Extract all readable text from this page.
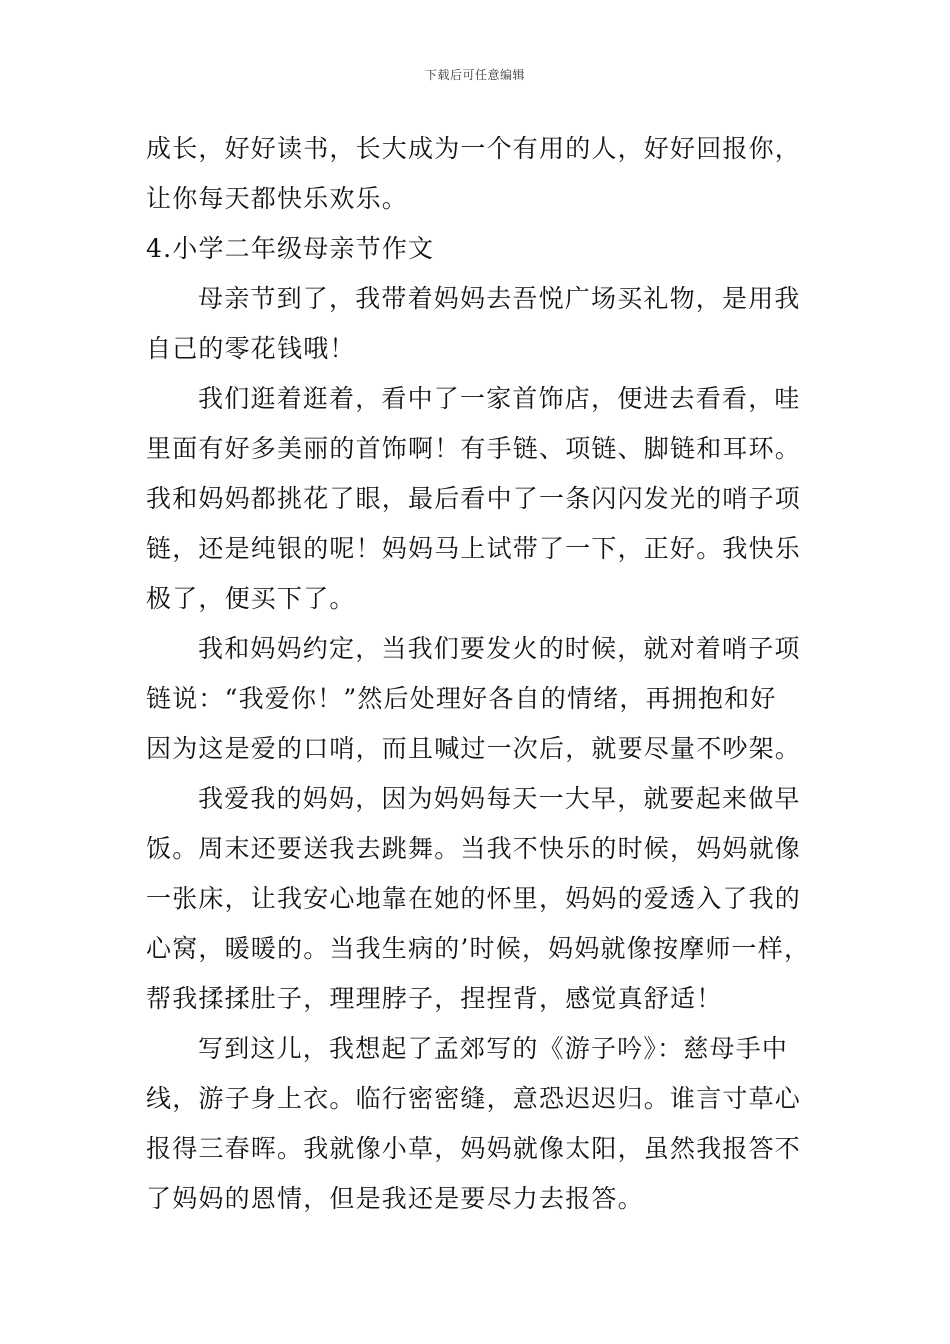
下载后可任意编辑
成长，好好读书，长大成为一个有用的人，好好回报你，
让你每天都快乐欢乐。
4.小学二年级母亲节作文
母亲节到了，我带着妈妈去吾悦广场买礼物，是用我
自己的零花钱哦！
我们逛着逛着，看中了一家首饰店，便进去看看，哇
里面有好多美丽的首饰啊！有手链、项链、脚链和耳环。
我和妈妈都挑花了眼，最后看中了一条闪闪发光的哨子项
链，还是纯银的呢！妈妈马上试带了一下，正好。我快乐
极了，便买下了。
我和妈妈约定，当我们要发火的时候，就对着哨子项
链说：“我爱你！”然后处理好各自的情绪，再拥抱和好
因为这是爱的口哨，而且喊过一次后，就要尽量不吵架。
我爱我的妈妈，因为妈妈每天一大早，就要起来做早
饭。周末还要送我去跳舞。当我不快乐的时候，妈妈就像
一张床，让我安心地靠在她的怀里，妈妈的爱透入了我的
心窝，暖暖的。当我生病的’时候，妈妈就像按摩师一样，
帮我揉揉肚子，理理脖子，捏捏背，感觉真舒适！
写到这儿，我想起了孟郊写的《游子吟》：慈母手中
线，游子身上衣。临行密密缝，意恐迟迟归。谁言寸草心
报得三春晖。我就像小草，妈妈就像太阳，虽然我报答不
了妈妈的恩情，但是我还是要尽力去报答。
